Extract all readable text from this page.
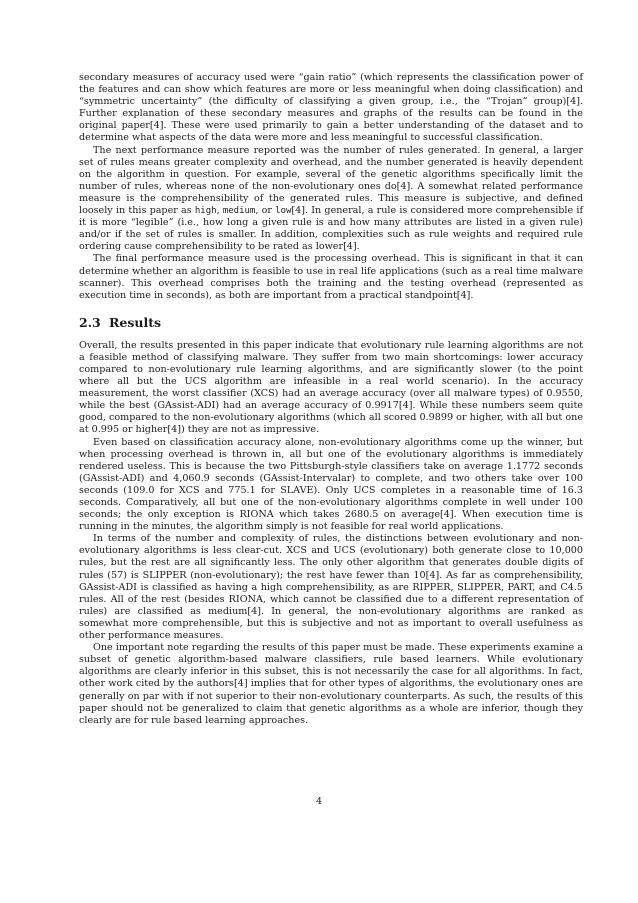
secondary measures of accuracy used were “gain ratio” (which represents the classification power of the features and can show which features are more or less meaningful when doing classification) and “symmetric uncertainty” (the difficulty of classifying a given group, i.e., the “Trojan” group)[4]. Further explanation of these secondary measures and graphs of the results can be found in the original paper[4]. These were used primarily to gain a better understanding of the dataset and to determine what aspects of the data were more and less meaningful to successful classification.

The next performance measure reported was the number of rules generated. In general, a larger set of rules means greater complexity and overhead, and the number generated is heavily dependent on the algorithm in question. For example, several of the genetic algorithms specifically limit the number of rules, whereas none of the non-evolutionary ones do[4]. A somewhat related performance measure is the comprehensibility of the generated rules. This measure is subjective, and defined loosely in this paper as high, medium, or low[4]. In general, a rule is considered more comprehensible if it is more “legible” (i.e., how long a given rule is and how many attributes are listed in a given rule) and/or if the set of rules is smaller. In addition, complexities such as rule weights and required rule ordering cause comprehensibility to be rated as lower[4].

The final performance measure used is the processing overhead. This is significant in that it can determine whether an algorithm is feasible to use in real life applications (such as a real time malware scanner). This overhead comprises both the training and the testing overhead (represented as execution time in seconds), as both are important from a practical standpoint[4].

2.3 Results

Overall, the results presented in this paper indicate that evolutionary rule learning algorithms are not a feasible method of classifying malware. They suffer from two main shortcomings: lower accuracy compared to non-evolutionary rule learning algorithms, and are significantly slower (to the point where all but the UCS algorithm are infeasible in a real world scenario). In the accuracy measurement, the worst classifier (XCS) had an average accuracy (over all malware types) of 0.9550, while the best (GAssist-ADI) had an average accuracy of 0.9917[4]. While these numbers seem quite good, compared to the non-evolutionary algorithms (which all scored 0.9899 or higher, with all but one at 0.995 or higher[4]) they are not as impressive.

Even based on classification accuracy alone, non-evolutionary algorithms come up the winner, but when processing overhead is thrown in, all but one of the evolutionary algorithms is immediately rendered useless. This is because the two Pittsburgh-style classifiers take on average 1.1772 seconds (GAssist-ADI) and 4,060.9 seconds (GAssist-Intervalar) to complete, and two others take over 100 seconds (109.0 for XCS and 775.1 for SLAVE). Only UCS completes in a reasonable time of 16.3 seconds. Comparatively, all but one of the non-evolutionary algorithms complete in well under 100 seconds; the only exception is RIONA which takes 2680.5 on average[4]. When execution time is running in the minutes, the algorithm simply is not feasible for real world applications.

In terms of the number and complexity of rules, the distinctions between evolutionary and non-evolutionary algorithms is less clear-cut. XCS and UCS (evolutionary) both generate close to 10,000 rules, but the rest are all significantly less. The only other algorithm that generates double digits of rules (57) is SLIPPER (non-evolutionary); the rest have fewer than 10[4]. As far as comprehensibility, GAssist-ADI is classified as having a high comprehensibility, as are RIPPER, SLIPPER, PART, and C4.5 rules. All of the rest (besides RIONA, which cannot be classified due to a different representation of rules) are classified as medium[4]. In general, the non-evolutionary algorithms are ranked as somewhat more comprehensible, but this is subjective and not as important to overall usefulness as other performance measures.

One important note regarding the results of this paper must be made. These experiments examine a subset of genetic algorithm-based malware classifiers, rule based learners. While evolutionary algorithms are clearly inferior in this subset, this is not necessarily the case for all algorithms. In fact, other work cited by the authors[4] implies that for other types of algorithms, the evolutionary ones are generally on par with if not superior to their non-evolutionary counterparts. As such, the results of this paper should not be generalized to claim that genetic algorithms as a whole are inferior, though they clearly are for rule based learning approaches.

4
